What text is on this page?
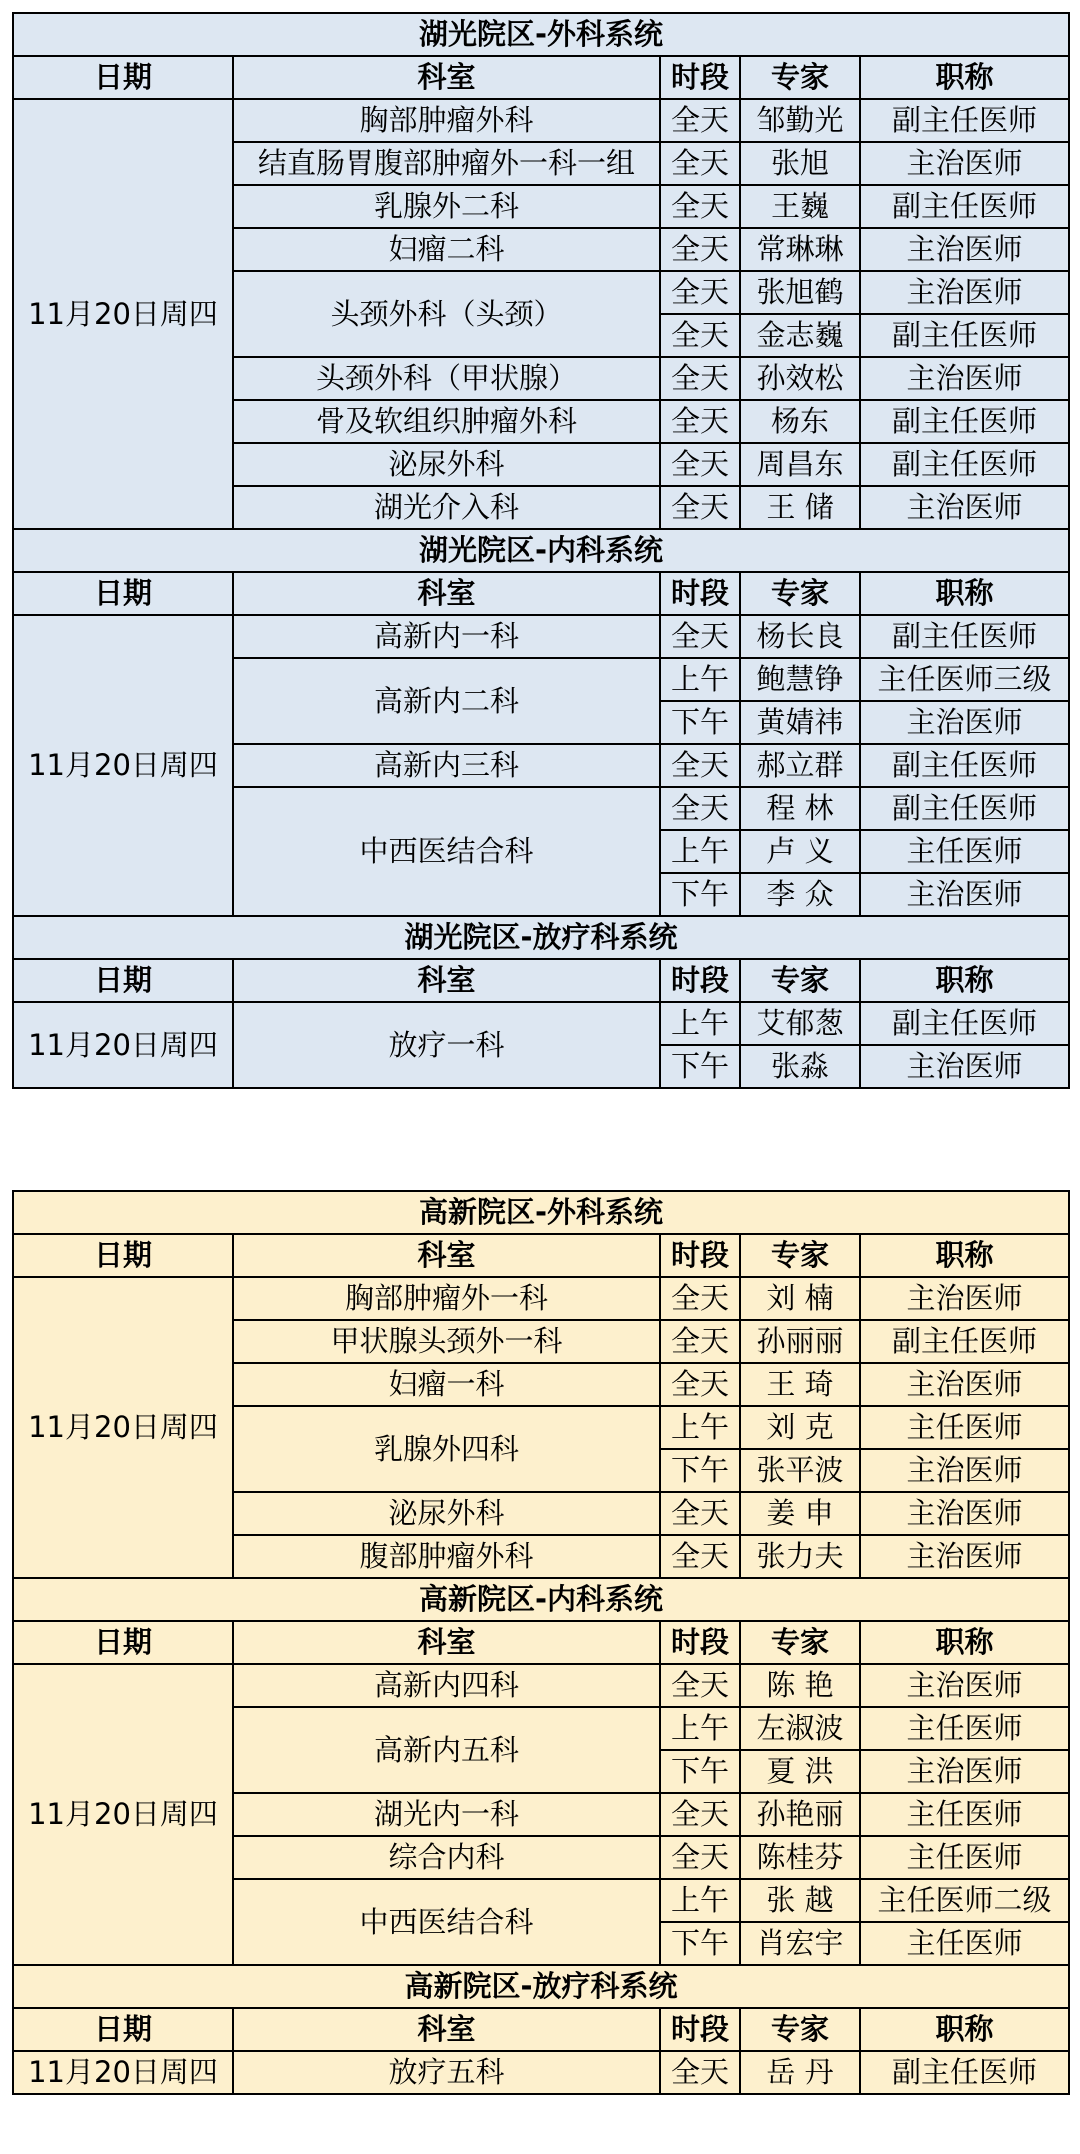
湖光院区-外科系统				
日期	科室	时段	专家	职称
11月20日周四	胸部肿瘤外科	全天	邹勤光	副主任医师
	结直肠胃腹部肿瘤外一科一组	全天	张旭	主治医师
	乳腺外二科	全天	王巍	副主任医师
	妇瘤二科	全天	常琳琳	主治医师
	头颈外科（头颈）	全天	张旭鹤	主治医师
		全天	金志巍	副主任医师
	头颈外科（甲状腺）	全天	孙效松	主治医师
	骨及软组织肿瘤外科	全天	杨东	副主任医师
	泌尿外科	全天	周昌东	副主任医师
	湖光介入科	全天	王 储	主治医师
湖光院区-内科系统				
日期	科室	时段	专家	职称
11月20日周四	高新内一科	全天	杨长良	副主任医师
	高新内二科	上午	鲍慧铮	主任医师三级
		下午	黄婧祎	主治医师
	高新内三科	全天	郝立群	副主任医师
	中西医结合科	全天	程 林	副主任医师
		上午	卢 义	主任医师
		下午	李 众	主治医师
湖光院区-放疗科系统				
日期	科室	时段	专家	职称
11月20日周四	放疗一科	上午	艾郁葱	副主任医师
		下午	张淼	主治医师
高新院区-外科系统				
日期	科室	时段	专家	职称
11月20日周四	胸部肿瘤外一科	全天	刘 楠	主治医师
	甲状腺头颈外一科	全天	孙丽丽	副主任医师
	妇瘤一科	全天	王 琦	主治医师
	乳腺外四科	上午	刘 克	主任医师
		下午	张平波	主治医师
	泌尿外科	全天	姜 申	主治医师
	腹部肿瘤外科	全天	张力夫	主治医师
高新院区-内科系统				
日期	科室	时段	专家	职称
11月20日周四	高新内四科	全天	陈 艳	主治医师
	高新内五科	上午	左淑波	主任医师
		下午	夏 洪	主治医师
	湖光内一科	全天	孙艳丽	主任医师
	综合内科	全天	陈桂芬	主任医师
	中西医结合科	上午	张 越	主任医师二级
		下午	肖宏宇	主任医师
高新院区-放疗科系统				
日期	科室	时段	专家	职称
11月20日周四	放疗五科	全天	岳 丹	副主任医师
